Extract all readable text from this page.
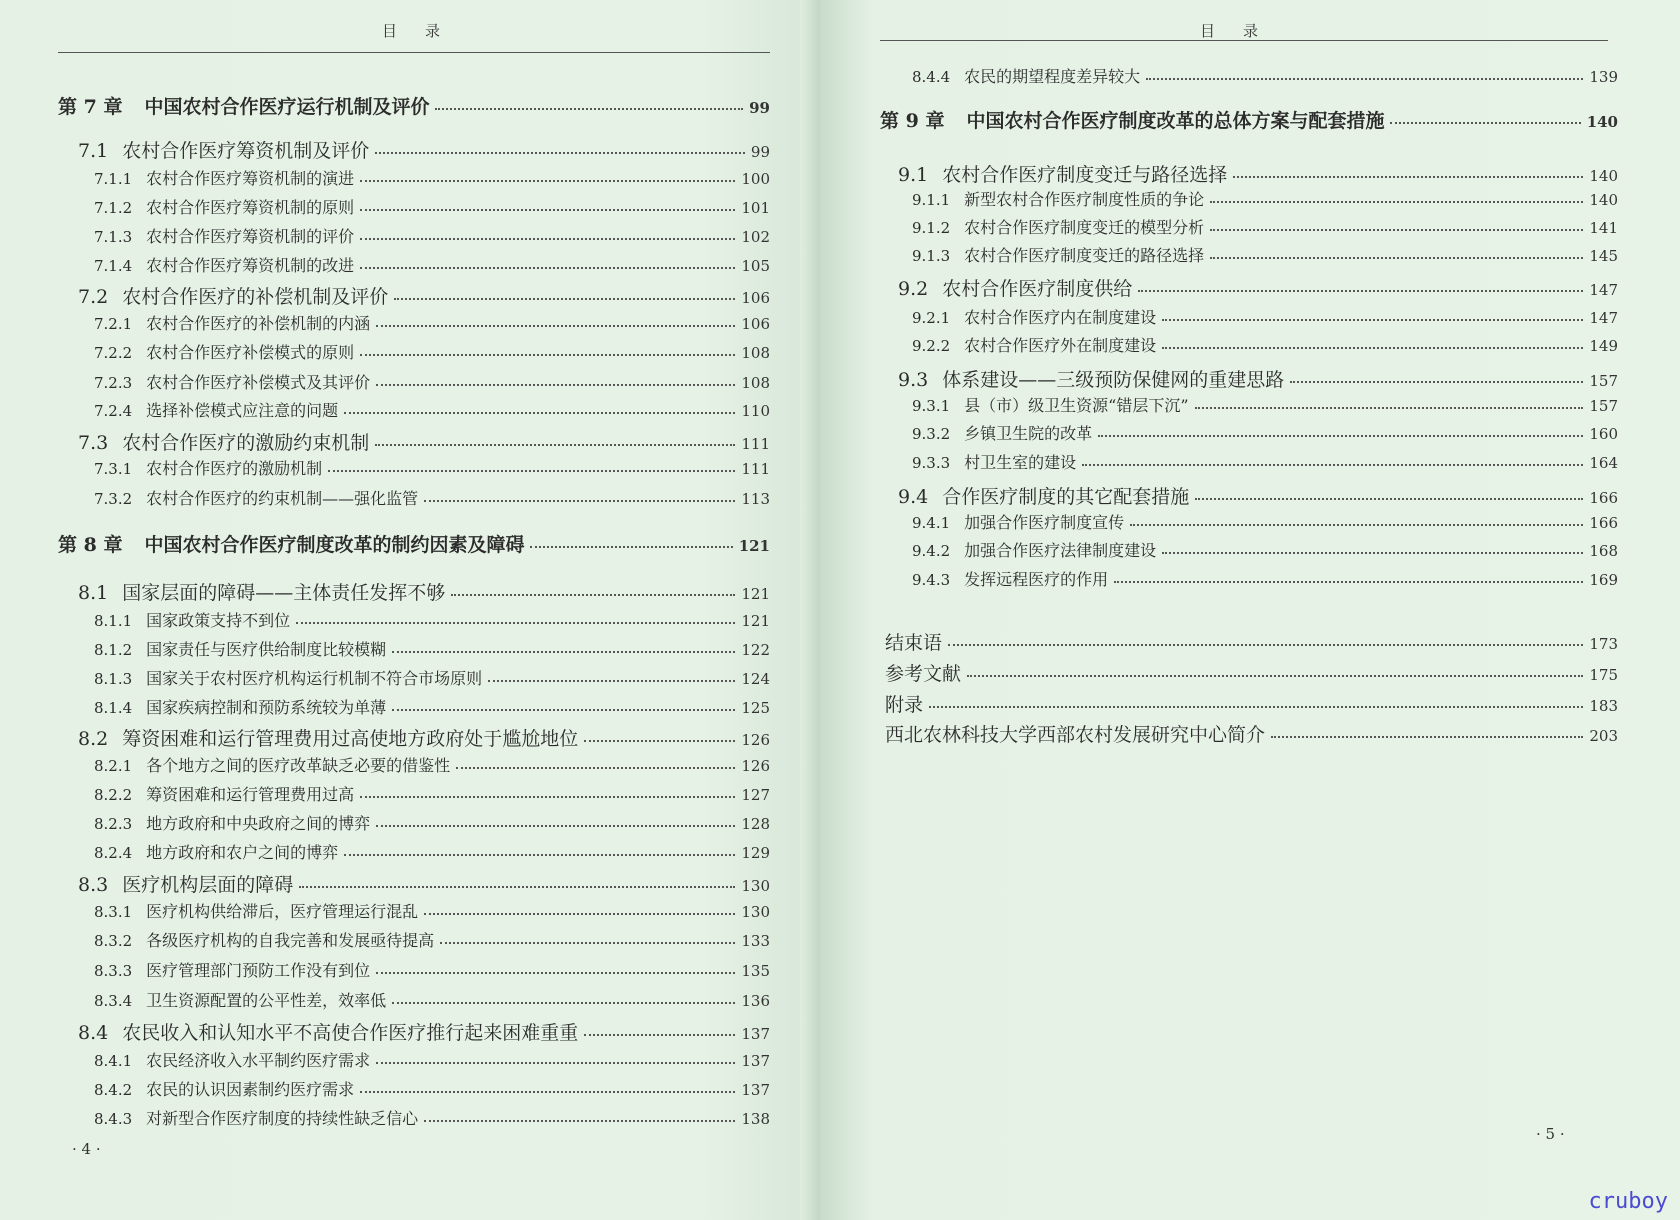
目录
第 7 章 中国农村合作医疗运行机制及评价	99
7.1 农村合作医疗筹资机制及评价	99
7.1.1 农村合作医疗筹资机制的演进	100
7.1.2 农村合作医疗筹资机制的原则	101
7.1.3 农村合作医疗筹资机制的评价	102
7.1.4 农村合作医疗筹资机制的改进	105
7.2 农村合作医疗的补偿机制及评价	106
7.2.1 农村合作医疗的补偿机制的内涵	106
7.2.2 农村合作医疗补偿模式的原则	108
7.2.3 农村合作医疗补偿模式及其评价	108
7.2.4 选择补偿模式应注意的问题	110
7.3 农村合作医疗的激励约束机制	111
7.3.1 农村合作医疗的激励机制	111
7.3.2 农村合作医疗的约束机制——强化监管	113
第 8 章 中国农村合作医疗制度改革的制约因素及障碍	121
8.1 国家层面的障碍——主体责任发挥不够	121
8.1.1 国家政策支持不到位	121
8.1.2 国家责任与医疗供给制度比较模糊	122
8.1.3 国家关于农村医疗机构运行机制不符合市场原则	124
8.1.4 国家疾病控制和预防系统较为单薄	125
8.2 筹资困难和运行管理费用过高使地方政府处于尴尬地位	126
8.2.1 各个地方之间的医疗改革缺乏必要的借鉴性	126
8.2.2 筹资困难和运行管理费用过高	127
8.2.3 地方政府和中央政府之间的博弈	128
8.2.4 地方政府和农户之间的博弈	129
8.3 医疗机构层面的障碍	130
8.3.1 医疗机构供给滞后，医疗管理运行混乱	130
8.3.2 各级医疗机构的自我完善和发展亟待提高	133
8.3.3 医疗管理部门预防工作没有到位	135
8.3.4 卫生资源配置的公平性差，效率低	136
8.4 农民收入和认知水平不高使合作医疗推行起来困难重重	137
8.4.1 农民经济收入水平制约医疗需求	137
8.4.2 农民的认识因素制约医疗需求	137
8.4.3 对新型合作医疗制度的持续性缺乏信心	138
· 4 ·
目录
8.4.4 农民的期望程度差异较大	139
第 9 章 中国农村合作医疗制度改革的总体方案与配套措施	140
9.1 农村合作医疗制度变迁与路径选择	140
9.1.1 新型农村合作医疗制度性质的争论	140
9.1.2 农村合作医疗制度变迁的模型分析	141
9.1.3 农村合作医疗制度变迁的路径选择	145
9.2 农村合作医疗制度供给	147
9.2.1 农村合作医疗内在制度建设	147
9.2.2 农村合作医疗外在制度建设	149
9.3 体系建设——三级预防保健网的重建思路	157
9.3.1 县（市）级卫生资源“错层下沉”	157
9.3.2 乡镇卫生院的改革	160
9.3.3 村卫生室的建设	164
9.4 合作医疗制度的其它配套措施	166
9.4.1 加强合作医疗制度宣传	166
9.4.2 加强合作医疗法律制度建设	168
9.4.3 发挥远程医疗的作用	169
结束语	173
参考文献	175
附录	183
西北农林科技大学西部农村发展研究中心简介	203
· 5 ·
cruboy
